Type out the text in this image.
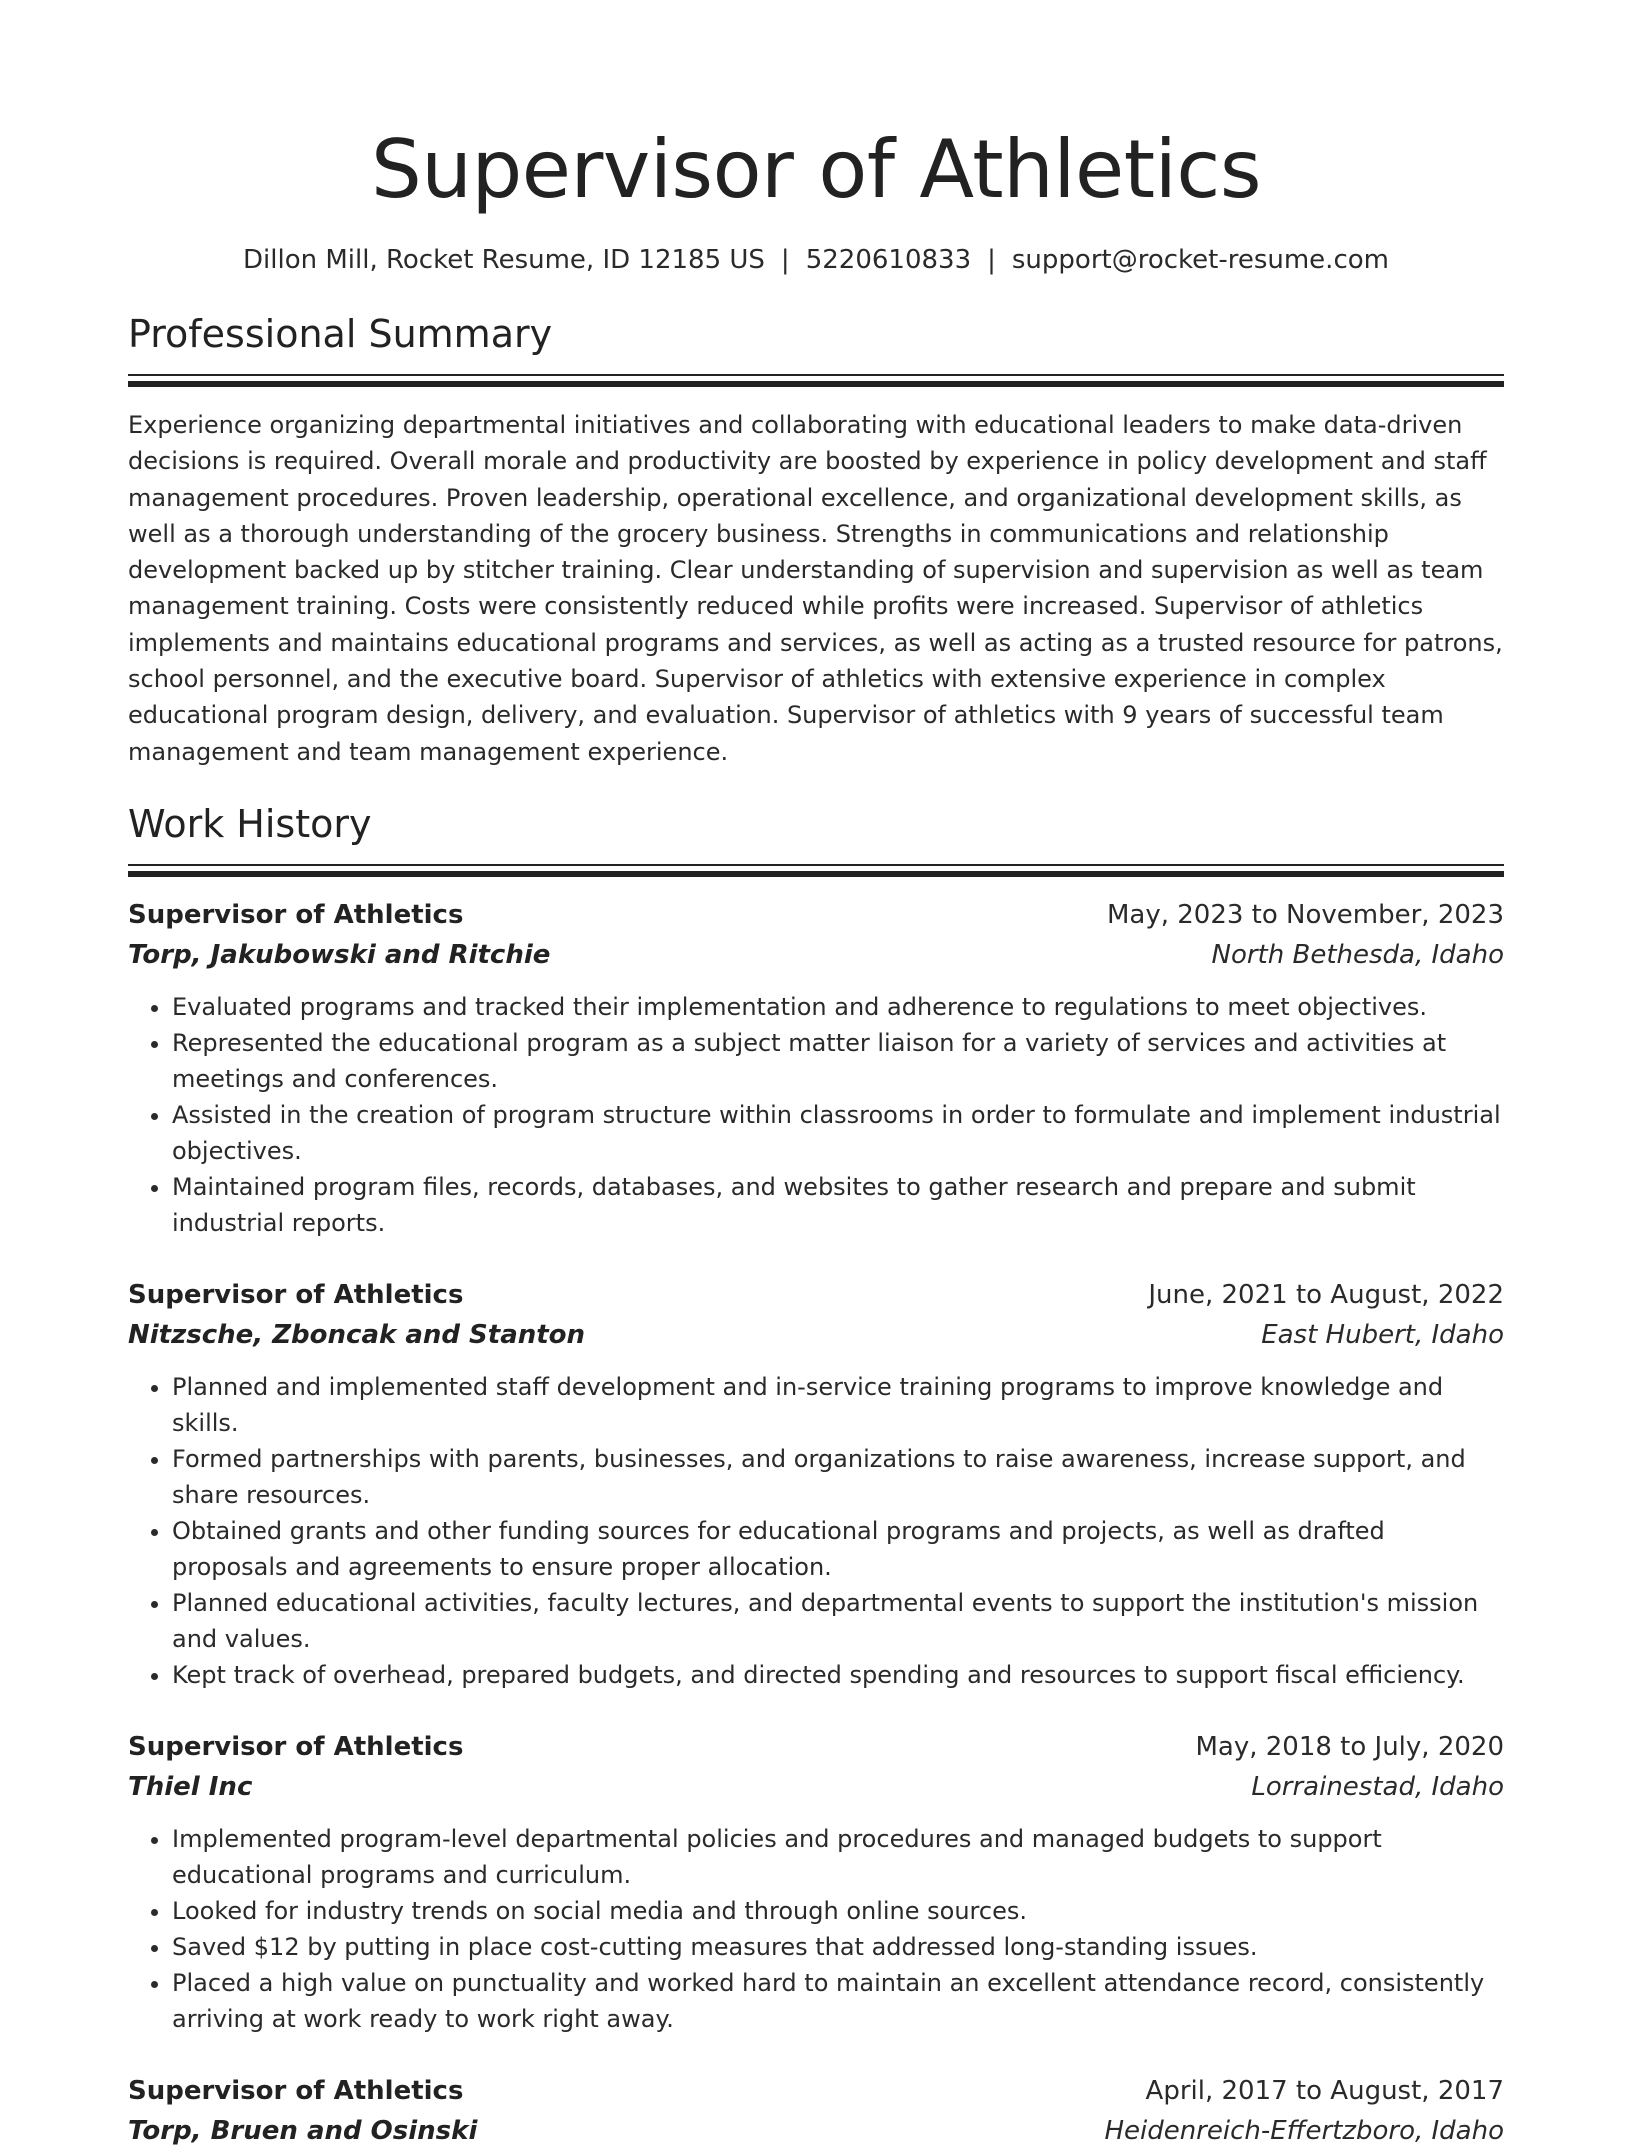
Supervisor of Athletics
Dillon Mill, Rocket Resume, ID 12185 US | 5220610833 | support@rocket-resume.com
Professional Summary

Experience organizing departmental initiatives and collaborating with educational leaders to make data-driven decisions is required. Overall morale and productivity are boosted by experience in policy development and staff management procedures. Proven leadership, operational excellence, and organizational development skills, as well as a thorough understanding of the grocery business. Strengths in communications and relationship development backed up by stitcher training. Clear understanding of supervision and supervision as well as team management training. Costs were consistently reduced while profits were increased. Supervisor of athletics implements and maintains educational programs and services, as well as acting as a trusted resource for patrons, school personnel, and the executive board. Supervisor of athletics with extensive experience in complex educational program design, delivery, and evaluation. Supervisor of athletics with 9 years of successful team management and team management experience.

Work History
Supervisor of Athletics	May, 2023 to November, 2023
Torp, Jakubowski and Ritchie	North Bethesda, Idaho
• Evaluated programs and tracked their implementation and adherence to regulations to meet objectives.
• Represented the educational program as a subject matter liaison for a variety of services and activities at meetings and conferences.
• Assisted in the creation of program structure within classrooms in order to formulate and implement industrial objectives.
• Maintained program files, records, databases, and websites to gather research and prepare and submit industrial reports.
Supervisor of Athletics	June, 2021 to August, 2022
Nitzsche, Zboncak and Stanton	East Hubert, Idaho
• Planned and implemented staff development and in-service training programs to improve knowledge and skills.
• Formed partnerships with parents, businesses, and organizations to raise awareness, increase support, and share resources.
• Obtained grants and other funding sources for educational programs and projects, as well as drafted proposals and agreements to ensure proper allocation.
• Planned educational activities, faculty lectures, and departmental events to support the institution's mission and values.
• Kept track of overhead, prepared budgets, and directed spending and resources to support fiscal efficiency.
Supervisor of Athletics	May, 2018 to July, 2020
Thiel Inc	Lorrainestad, Idaho
• Implemented program-level departmental policies and procedures and managed budgets to support educational programs and curriculum.
• Looked for industry trends on social media and through online sources.
• Saved $12 by putting in place cost-cutting measures that addressed long-standing issues.
• Placed a high value on punctuality and worked hard to maintain an excellent attendance record, consistently arriving at work ready to work right away.
Supervisor of Athletics	April, 2017 to August, 2017
Torp, Bruen and Osinski	Heidenreich-Effertzboro, Idaho
